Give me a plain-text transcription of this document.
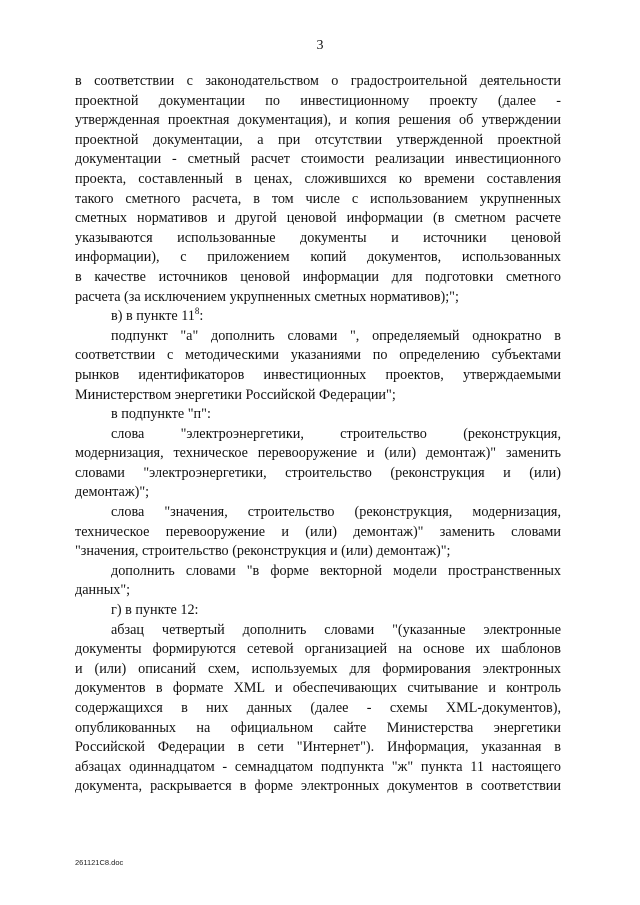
3
в соответствии с законодательством о градостроительной деятельности
проектной документации по инвестиционному проекту (далее -
утвержденная проектная документация), и копия решения об утверждении
проектной документации, а при отсутствии утвержденной проектной
документации - сметный расчет стоимости реализации инвестиционного
проекта, составленный в ценах, сложившихся ко времени составления
такого сметного расчета, в том числе с использованием укрупненных
сметных нормативов и другой ценовой информации (в сметном расчете
указываются использованные документы и источники ценовой
информации), с приложением копий документов, использованных
в качестве источников ценовой информации для подготовки сметного
расчета (за исключением укрупненных сметных нормативов);";
в) в пункте $11^8$:
подпункт "а" дополнить словами ", определяемый однократно в
соответствии с методическими указаниями по определению субъектами
рынков идентификаторов инвестиционных проектов, утверждаемыми
Министерством энергетики Российской Федерации";
в подпункте "п":
слова "электроэнергетики, строительство (реконструкция,
модернизация, техническое перевооружение и (или) демонтаж)" заменить
словами "электроэнергетики, строительство (реконструкция и (или)
демонтаж)";
слова "значения, строительство (реконструкция, модернизация,
техническое перевооружение и (или) демонтаж)" заменить словами
"значения, строительство (реконструкция и (или) демонтаж)";
дополнить словами "в форме векторной модели пространственных
данных";
г) в пункте 12:
абзац четвертый дополнить словами "(указанные электронные
документы формируются сетевой организацией на основе их шаблонов
и (или) описаний схем, используемых для формирования электронных
документов в формате XML и обеспечивающих считывание и контроль
содержащихся в них данных (далее - схемы XML-документов),
опубликованных на официальном сайте Министерства энергетики
Российской Федерации в сети "Интернет"). Информация, указанная в
абзацах одиннадцатом - семнадцатом подпункта "ж" пункта 11 настоящего
документа, раскрывается в форме электронных документов в соответствии
261121C8.doc
